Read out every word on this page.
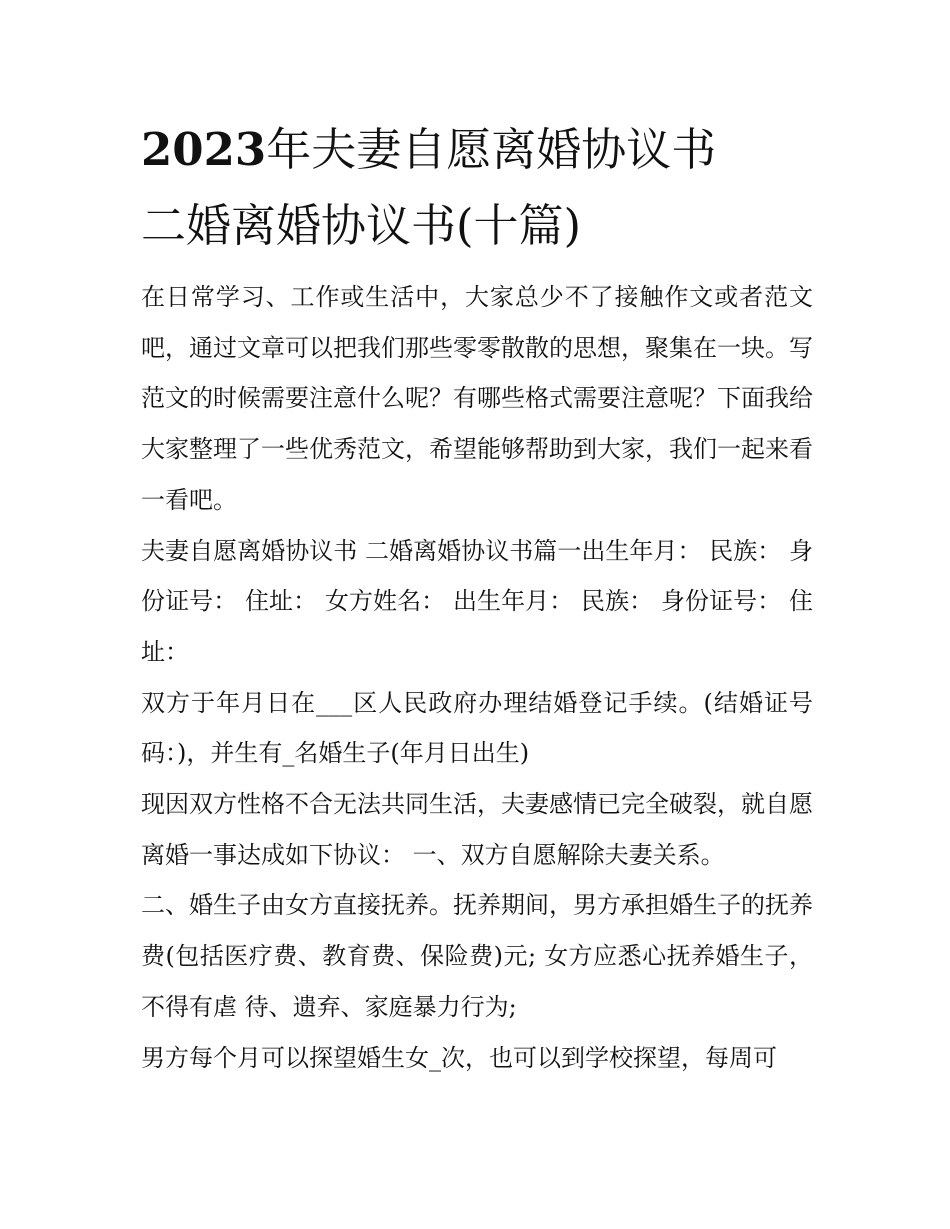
2023年夫妻自愿离婚协议书
二婚离婚协议书(十篇)

在日常学习、工作或生活中，大家总少不了接触作文或者范文吧，通过文章可以把我们那些零零散散的思想，聚集在一块。写范文的时候需要注意什么呢？有哪些格式需要注意呢？下面我给大家整理了一些优秀范文，希望能够帮助到大家，我们一起来看一看吧。

夫妻自愿离婚协议书 二婚离婚协议书篇一出生年月： 民族： 身份证号： 住址： 女方姓名： 出生年月： 民族： 身份证号： 住址：

双方于年月日在___区人民政府办理结婚登记手续。(结婚证号码：)，并生有_名婚生子(年月日出生)

现因双方性格不合无法共同生活，夫妻感情已完全破裂，就自愿离婚一事达成如下协议： 一、双方自愿解除夫妻关系。

二、婚生子由女方直接抚养。抚养期间，男方承担婚生子的抚养费(包括医疗费、教育费、保险费)元; 女方应悉心抚养婚生子，不得有虐 待、遗弃、家庭暴力行为;

男方每个月可以探望婚生女_次，也可以到学校探望，每周可
